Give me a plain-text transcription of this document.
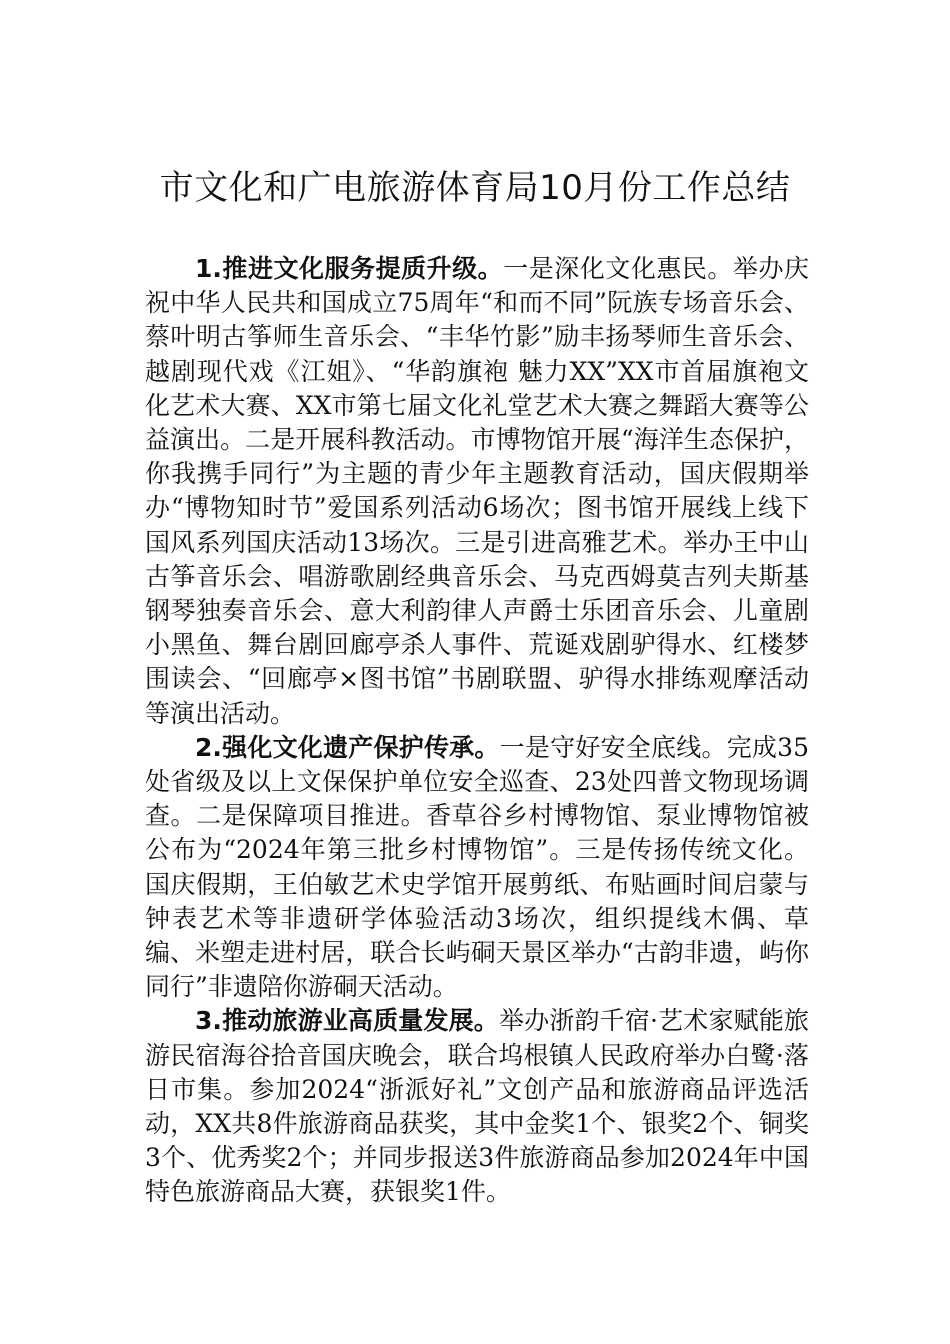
市文化和广电旅游体育局10月份工作总结

1.推进文化服务提质升级。一是深化文化惠民。举办庆祝中华人民共和国成立75周年“和而不同”阮族专场音乐会、蔡叶明古筝师生音乐会、“丰华竹影”励丰扬琴师生音乐会、越剧现代戏《江姐》、“华韵旗袍 魅力XX”XX市首届旗袍文化艺术大赛、XX市第七届文化礼堂艺术大赛之舞蹈大赛等公益演出。二是开展科教活动。市博物馆开展“海洋生态保护，你我携手同行”为主题的青少年主题教育活动，国庆假期举办“博物知时节”爱国系列活动6场次；图书馆开展线上线下国风系列国庆活动13场次。三是引进高雅艺术。举办王中山古筝音乐会、唱游歌剧经典音乐会、马克西姆莫吉列夫斯基钢琴独奏音乐会、意大利韵律人声爵士乐团音乐会、儿童剧小黑鱼、舞台剧回廊亭杀人事件、荒诞戏剧驴得水、红楼梦围读会、“回廊亭×图书馆”书剧联盟、驴得水排练观摩活动等演出活动。

2.强化文化遗产保护传承。一是守好安全底线。完成35处省级及以上文保保护单位安全巡查、23处四普文物现场调查。二是保障项目推进。香草谷乡村博物馆、泵业博物馆被公布为“2024年第三批乡村博物馆”。三是传扬传统文化。国庆假期，王伯敏艺术史学馆开展剪纸、布贴画时间启蒙与钟表艺术等非遗研学体验活动3场次，组织提线木偶、草编、米塑走进村居，联合长屿硐天景区举办“古韵非遗，屿你同行”非遗陪你游硐天活动。

3.推动旅游业高质量发展。举办浙韵千宿·艺术家赋能旅游民宿海谷拾音国庆晚会，联合坞根镇人民政府举办白鹭·落日市集。参加2024“浙派好礼”文创产品和旅游商品评选活动，XX共8件旅游商品获奖，其中金奖1个、银奖2个、铜奖3个、优秀奖2个；并同步报送3件旅游商品参加2024年中国特色旅游商品大赛，获银奖1件。
